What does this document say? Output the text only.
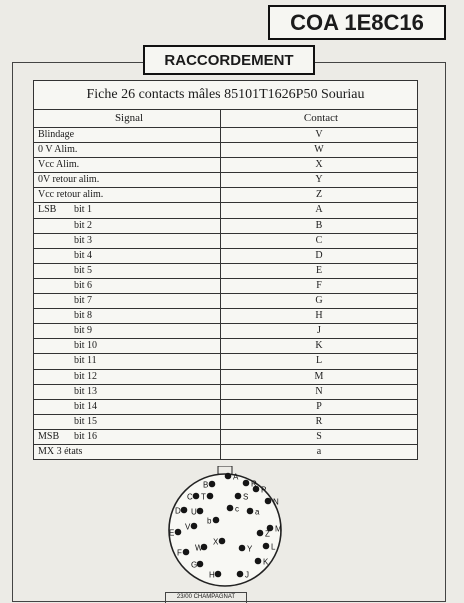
COA 1E8C16
RACCORDEMENT
Fiche 26 contacts mâles 85101T1626P50 Souriau
Signal	Contact
Blindage	V
0 V Alim.	W
Vcc Alim.	X
0V retour alim.	Y
Vcc retour alim.	Z
LSB bit 1	A
bit 2	B
bit 3	C
bit 4	D
bit 5	E
bit 6	F
bit 7	G
bit 8	H
bit 9	J
bit 10	K
bit 11	L
bit 12	M
bit 13	N
bit 14	P
bit 15	R
MSB bit 16	S
MX 3 états	a
A
B
C
D
E
F
G
H	J
K
L
M
N
P
R
S
T
U
V
W
X
Y
Z
a
b
c
23/00 CHAMPAGNAT
